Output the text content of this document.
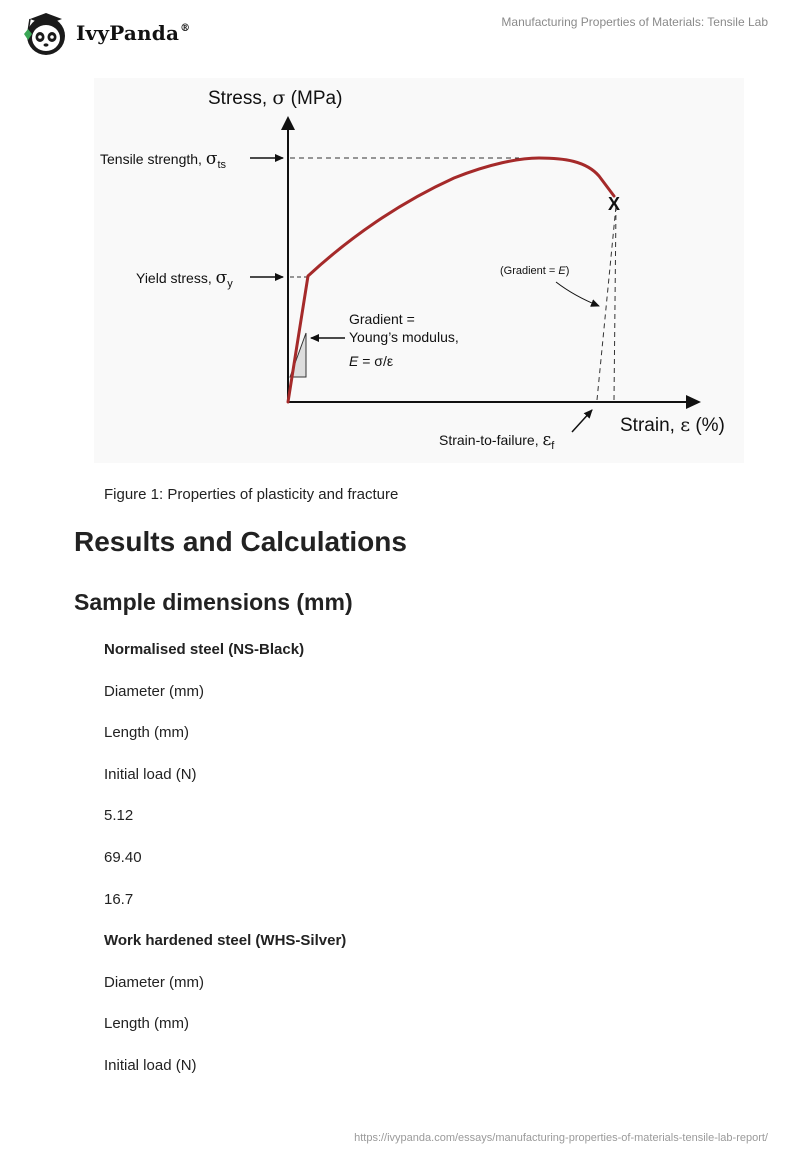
IvyPanda®	Manufacturing Properties of Materials: Tensile Lab
X
Stress, σ (MPa)
Strain, ε (%)
Tensile strength, $\sigma_{ts}$
Yield stress, $\sigma_y$
Gradient =
Young’s modulus,
E = σ/ε
(Gradient = E)
Strain-to-failure, $\varepsilon_f$
Figure 1: Properties of plasticity and fracture
Results and Calculations
Sample dimensions (mm)
Normalised steel (NS-Black)
Diameter (mm)
Length (mm)
Initial load (N)
5.12
69.40
16.7
Work hardened steel (WHS-Silver)
Diameter (mm)
Length (mm)
Initial load (N)
https://ivypanda.com/essays/manufacturing-properties-of-materials-tensile-lab-report/
